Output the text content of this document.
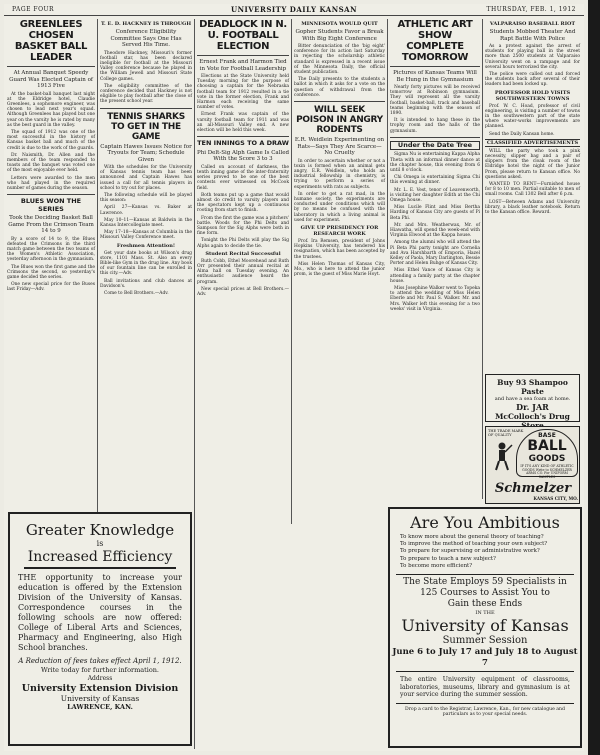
PAGE FOUR	UNIVERSITY DAILY KANSAN	THURSDAY, FEB. 1, 1912
GREENLEES CHOSEN BASKET BALL LEADER
At Annual Banquet Speedy Guard Was Elected Captain of 1913 Five

At the basket-ball banquet last night at the Eldridge hotel, Claudie Greenlees, a sophomore engineer, was chosen to lead next year's squad. Although Greenlees has played but one year on the varsity he is rated by many as the best guard in the valley.

The squad of 1912 was one of the most successful in the history of Kansas basket ball and much of the credit is due to the work of the guards.

Dr. Naismith, Dr. Allen and the members of the team responded to toasts and the banquet was voted one of the most enjoyable ever held.

Letters were awarded to the men who had played in the required number of games during the season.

BLUES WON THE SERIES
Took the Deciding Basket Ball Game From the Crimson Team 14 to 9

By a score of 14 to 9, the Blues defeated the Crimsons in the third match game between the two teams of the Women's Athletic Association, yesterday afternoon in the gymnasium.

The Blues won the first game and the Crimsons the second, so yesterday's game decided the series.

One new special price for the Buses last Friday—Adv.

T. E. D. HACKNEY IS THROUGH
Conference Eligibility Committee Says One Has Served His Time.

Theodore Hackney, Missouri's former football star, has been declared ineligible for football at the Missouri Valley conference because he played in the William Jewell and Missouri State College games.

The eligibility committee of the conference decided that Hackney is not eligible to play football after the close of the present school year.

TENNIS SHARKS TO GET IN THE GAME
Captain Hawes Issues Notice for Tryouts for Team; Schedule Given

With the schedules for the University of Kansas tennis team has been announced and Captain Hawes has issued a call for all tennis players in school to try out for places.

The following schedule will be played this season:

April 27—Kansas vs. Baker at Lawrence.

May 10–11—Kansas at Baldwin in the Kansas Intercollegiate meet.

May 17–18—Kansas at Columbia in the Missouri Valley Conference meet.

Freshmen Attention!

Get your date books at Wilson's drug store, 1101 Mass. St. Also an every Bible-like Gym in the drug line. Any book of our fountain line can be enrolled in this city.—Adv.

Ball invitations and club dances at Davidson's.

Come to Bell Brothers.—Adv.

DEADLOCK IN N. U. FOOTBALL ELECTION
Ernest Frank and Harmon Tied in Vote for Football Leadership

Elections at the State University held Tuesday morning for the purpose of choosing a captain for the Nebraska football team for 1912 resulted in a tie vote in the former election, Frank and Harmon each receiving the same number of votes.

Ernest Frank was captain of the varsity football team for 1911 and was an all-Missouri Valley end. A new election will be held this week.

TEN INNINGS TO A DRAW
Phi Delt-Sig Alph Game Is Called With the Score 3 to 3

Called on account of darkness, the tenth inning game of the inter-fraternity series proved to be one of the best contests ever witnessed on McCook field.

Both teams put up a game that would almost do credit to varsity players and the spectators kept up a continuous rooting from start to finish.

From the first the game was a pitchers' battle. Woods for the Phi Delts and Sampson for the Sig Alphs were both in fine form.

Tonight the Phi Delts will play the Sig Alphs again to decide the tie.

Student Recital Successful

Ruth Cobb, Ethel Moorehead and Ruth Orr presented their annual recital at Alma hall on Tuesday evening. An enthusiastic audience heard the program.

New special prices at Bell Brothers.—Adv.

MINNESOTA WOULD QUIT
Gopher Students Favor a Break With Big Eight Conference

Bitter denunciation of the 'big eight' conference for its action last Saturday in rejecting the scholarship athletic standard is expressed in a recent issue of the Minnesota Daily, the official student publication.

The Daily presents to the students a ballot in which it asks for a vote on the question of withdrawal from the conference.

WILL SEEK POISON IN ANGRY RODENTS
E.R. Weidlein Experimenting on Rats—Says They Are Scarce—No Cruelty

In order to ascertain whether or not a toxin is formed when an animal gets angry, E.R. Weidlein, who holds an industrial fellowship in chemistry, is trying to perform a series of experiments with rats as subjects.

In order to get a rat mad, in the humane society, the experiments are conducted under conditions which will by no means be confused with the laboratory in which a living animal is used for experiment.

GIVE UP PRESIDENCY FOR RESEARCH WORK

Prof. Ira Remsen, president of Johns Hopkins University, has tendered his resignation, which has been accepted by the trustees.

Miss Helen Thomas of Kansas City, Mo., who is here to attend the junior prom, is the guest of Miss Marie Hoyt.

ATHLETIC ART SHOW COMPLETE TOMORROW
Pictures of Kansas Teams Will Be Hung in the Gymnasium

Nearly forty pictures will be received tomorrow at Robinson gymnasium. They will represent all the varsity football, basket-ball, track and baseball teams beginning with the season of 1890.

It is intended to hang these in the trophy room and the halls of the gymnasium.

Under the Date Tree

Sigma Nu is entertaining Kappa Alpha Theta with an informal dinner dance at the chapter house, this evening from 6 until 8 o'clock.

Chi Omega is entertaining Sigma Chi this evening at dinner.

Mr. L. E. Vest, tenor of Leavenworth, is visiting her daughter Edith at the Chi Omega house.

Miss Lucile Flint and Miss Bertha Harding of Kansas City are guests of Pi Beta Phi.

Mr. and Mrs. Weatherwax, Mr. of Hiawatha, will spend the week-end with Virginia Elwood at the Kappa house.

Among the alumni who will attend the Pi Beta Phi party tonight are Cornelia and Ava Harshbarth of Emporia, Hazel Kelley of Paola, Mary Darlington, Bessie Porter and Helen Buhge of Kansas City.

Miss Ethel Vance of Kansas City is attending a family party at the chapter house.

Miss Josephine Walker went to Topeka to attend the wedding of Miss Helen Eberle and Mr. Paul S. Walker. Mr. and Mrs. Walker left this evening for a two weeks' visit in Virginia.

VALPARAISO BASEBALL RIOT
Students Mobbed Theater And Rapt Battle With Police

As a protest against the arrest of students for playing ball in the street more than 2500 students at Valparaiso University went on a rampage and for several hours terrorized the city.

The police were called out and forced the students back after several of their leaders had been locked up.

PROFESSOR HOLD VISITS SOUTHWESTERN TOWNS

Prof. W. C. Hoad, professor of civil engineering, is visiting a number of towns in the southwestern part of the state where water-works improvements are planned.

Send the Daily Kansan home.

CLASSIFIED ADVERTISEMENTS

WILL the party who took a pink necessity, slipper bag and a pair of slippers from the cloak room of the Eldridge hotel the night of the Junior Prom, please return to Kansan office. No questions asked.

WANTED TO RENT—Furnished house for 8 to 10 men. Partial suitable to men of small rooms. Call 1302 Bell after 6 p.m.

LOST—Between Adams and University library, a black leather notebook. Return to the Kansan office. Reward.

Buy 93 Shampoo Paste
and have a sea foam at home.
Dr. JAR
McColloch's Drug
THE TRADE MARK OF QUALITY	BASE
BALL
GOODS
IF IT'S ANY KIND OF ATHLETIC GOODS Write to SCHMELZER ARMS CO. For UNIFORM SAMPLES
Schmelzer
KANSAS CITY, MO.
Greater Knowledge
is
Increased Efficiency
THE opportunity to increase your education is offered by the Extension Division of the University of Kansas. Correspondence courses in the following schools are now offered: College of Liberal Arts and Sciences, Pharmacy and Engineering, also High School branches.
A Reduction of fees takes effect April 1, 1912.
Write today for further information.
Address
University Extension Division
University of Kansas
LAWRENCE, KAN.
Are You Ambitious
To know more about the general theory of teaching?
To improve the method of teaching your own subject?
To prepare for supervising or administrative work?
To prepare to teach a new subject?
To become more efficient?
The State Employs 59 Specialists in
125 Courses to Assist You to
Gain these Ends
IN THE
University of Kansas
Summer Session
June 6 to July 17 and July 18 to August 7
The entire University equipment of classrooms, laboratories, museums, library and gymnasium is at your service during the summer session.
Drop a card to the Registrar, Lawrence, Kan., for new catalogue and particulars as to your special needs.
